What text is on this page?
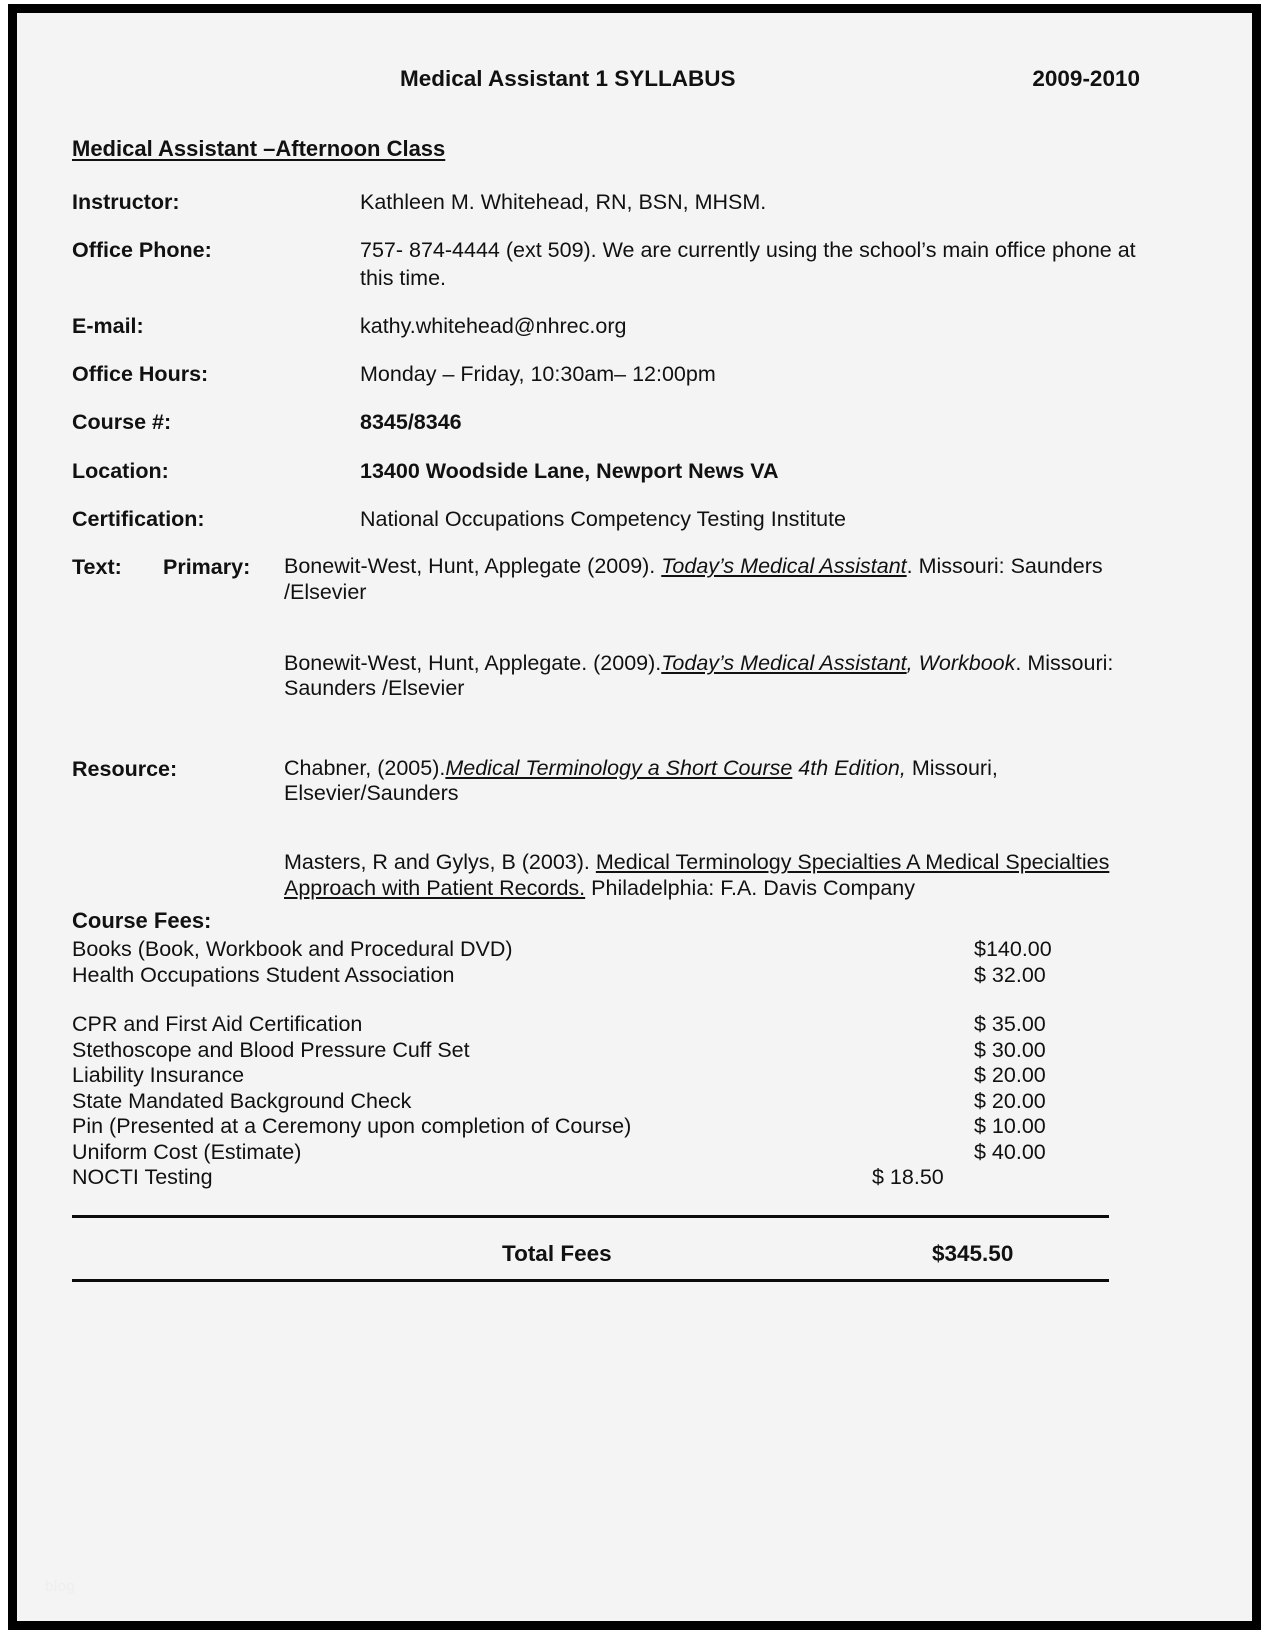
Medical Assistant 1 SYLLABUS	2009-2010
Medical Assistant –Afternoon Class
Instructor:	Kathleen M. Whitehead, RN, BSN, MHSM.
Office Phone:	757- 874-4444 (ext 509). We are currently using the school’s main office phone at this time.
E-mail:	kathy.whitehead@nhrec.org
Office Hours:	Monday – Friday, 10:30am– 12:00pm
Course #:	8345/8346
Location:	13400 Woodside Lane, Newport News VA
Certification:	National Occupations Competency Testing Institute
Text:	Primary:	Bonewit-West, Hunt, Applegate (2009). Today’s Medical Assistant. Missouri: Saunders /Elsevier
Bonewit-West, Hunt, Applegate. (2009).Today’s Medical Assistant, Workbook. Missouri: Saunders /Elsevier
Resource:	Chabner, (2005).Medical Terminology a Short Course 4th Edition, Missouri, Elsevier/Saunders
Masters, R and Gylys, B (2003). Medical Terminology Specialties A Medical Specialties Approach with Patient Records. Philadelphia: F.A. Davis Company
Course Fees:
Books (Book, Workbook and Procedural DVD)	$140.00
Health Occupations Student Association	$ 32.00
CPR and First Aid Certification	$ 35.00
Stethoscope and Blood Pressure Cuff Set	$ 30.00
Liability Insurance	$ 20.00
State Mandated Background Check	$ 20.00
Pin (Presented at a Ceremony upon completion of Course)	$ 10.00
Uniform Cost (Estimate)	$ 40.00
NOCTI Testing	$ 18.50
Total Fees	$345.50
blog
